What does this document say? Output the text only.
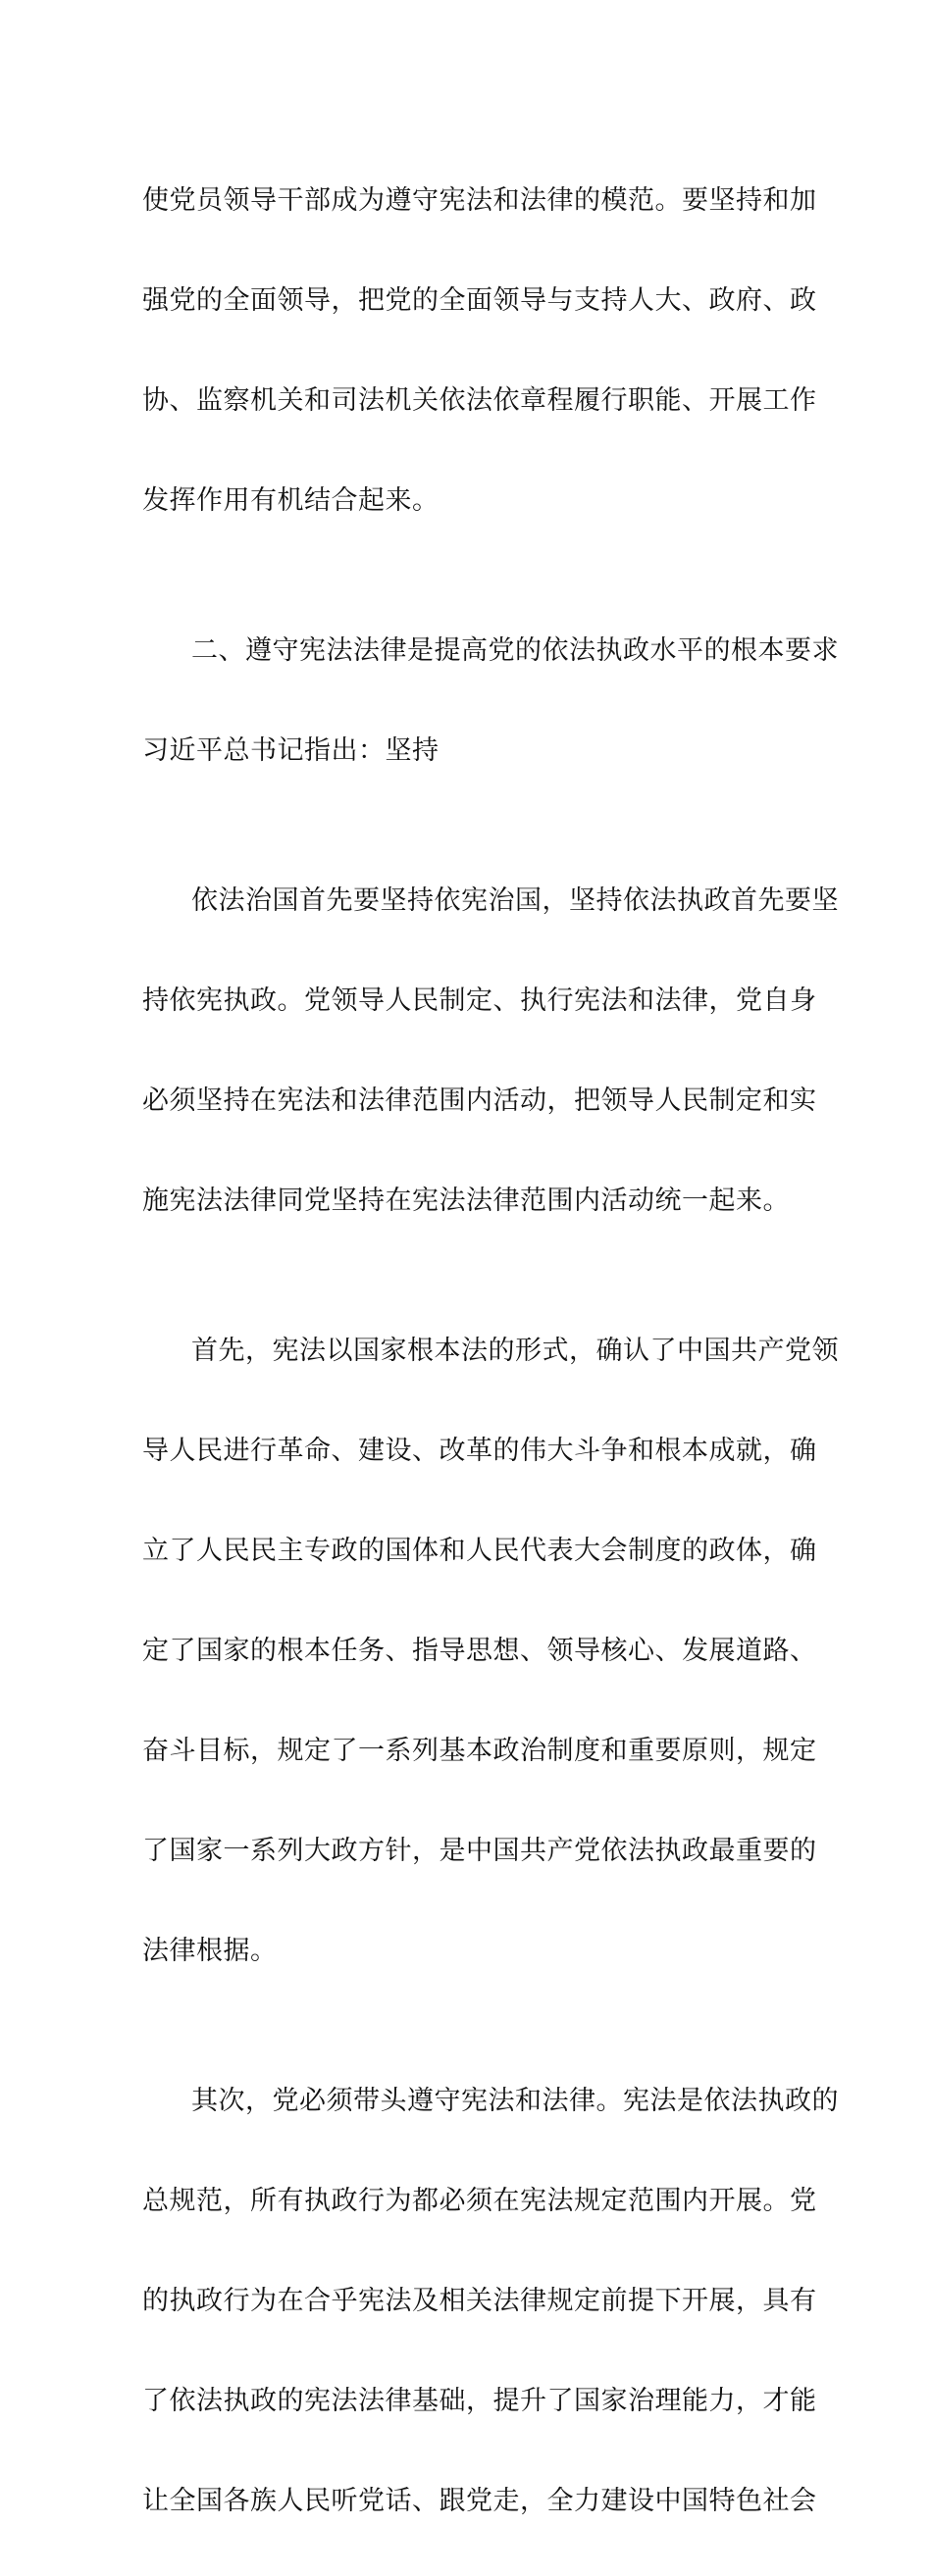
使党员领导干部成为遵守宪法和法律的模范。要坚持和加

强党的全面领导，把党的全面领导与支持人大、政府、政

协、监察机关和司法机关依法依章程履行职能、开展工作

发挥作用有机结合起来。

二、遵守宪法法律是提高党的依法执政水平的根本要求

习近平总书记指出：坚持

依法治国首先要坚持依宪治国，坚持依法执政首先要坚

持依宪执政。党领导人民制定、执行宪法和法律，党自身

必须坚持在宪法和法律范围内活动，把领导人民制定和实

施宪法法律同党坚持在宪法法律范围内活动统一起来。

首先，宪法以国家根本法的形式，确认了中国共产党领

导人民进行革命、建设、改革的伟大斗争和根本成就，确

立了人民民主专政的国体和人民代表大会制度的政体，确

定了国家的根本任务、指导思想、领导核心、发展道路、

奋斗目标，规定了一系列基本政治制度和重要原则，规定

了国家一系列大政方针，是中国共产党依法执政最重要的

法律根据。

其次，党必须带头遵守宪法和法律。宪法是依法执政的

总规范，所有执政行为都必须在宪法规定范围内开展。党

的执政行为在合乎宪法及相关法律规定前提下开展，具有

了依法执政的宪法法律基础，提升了国家治理能力，才能

让全国各族人民听党话、跟党走，全力建设中国特色社会
